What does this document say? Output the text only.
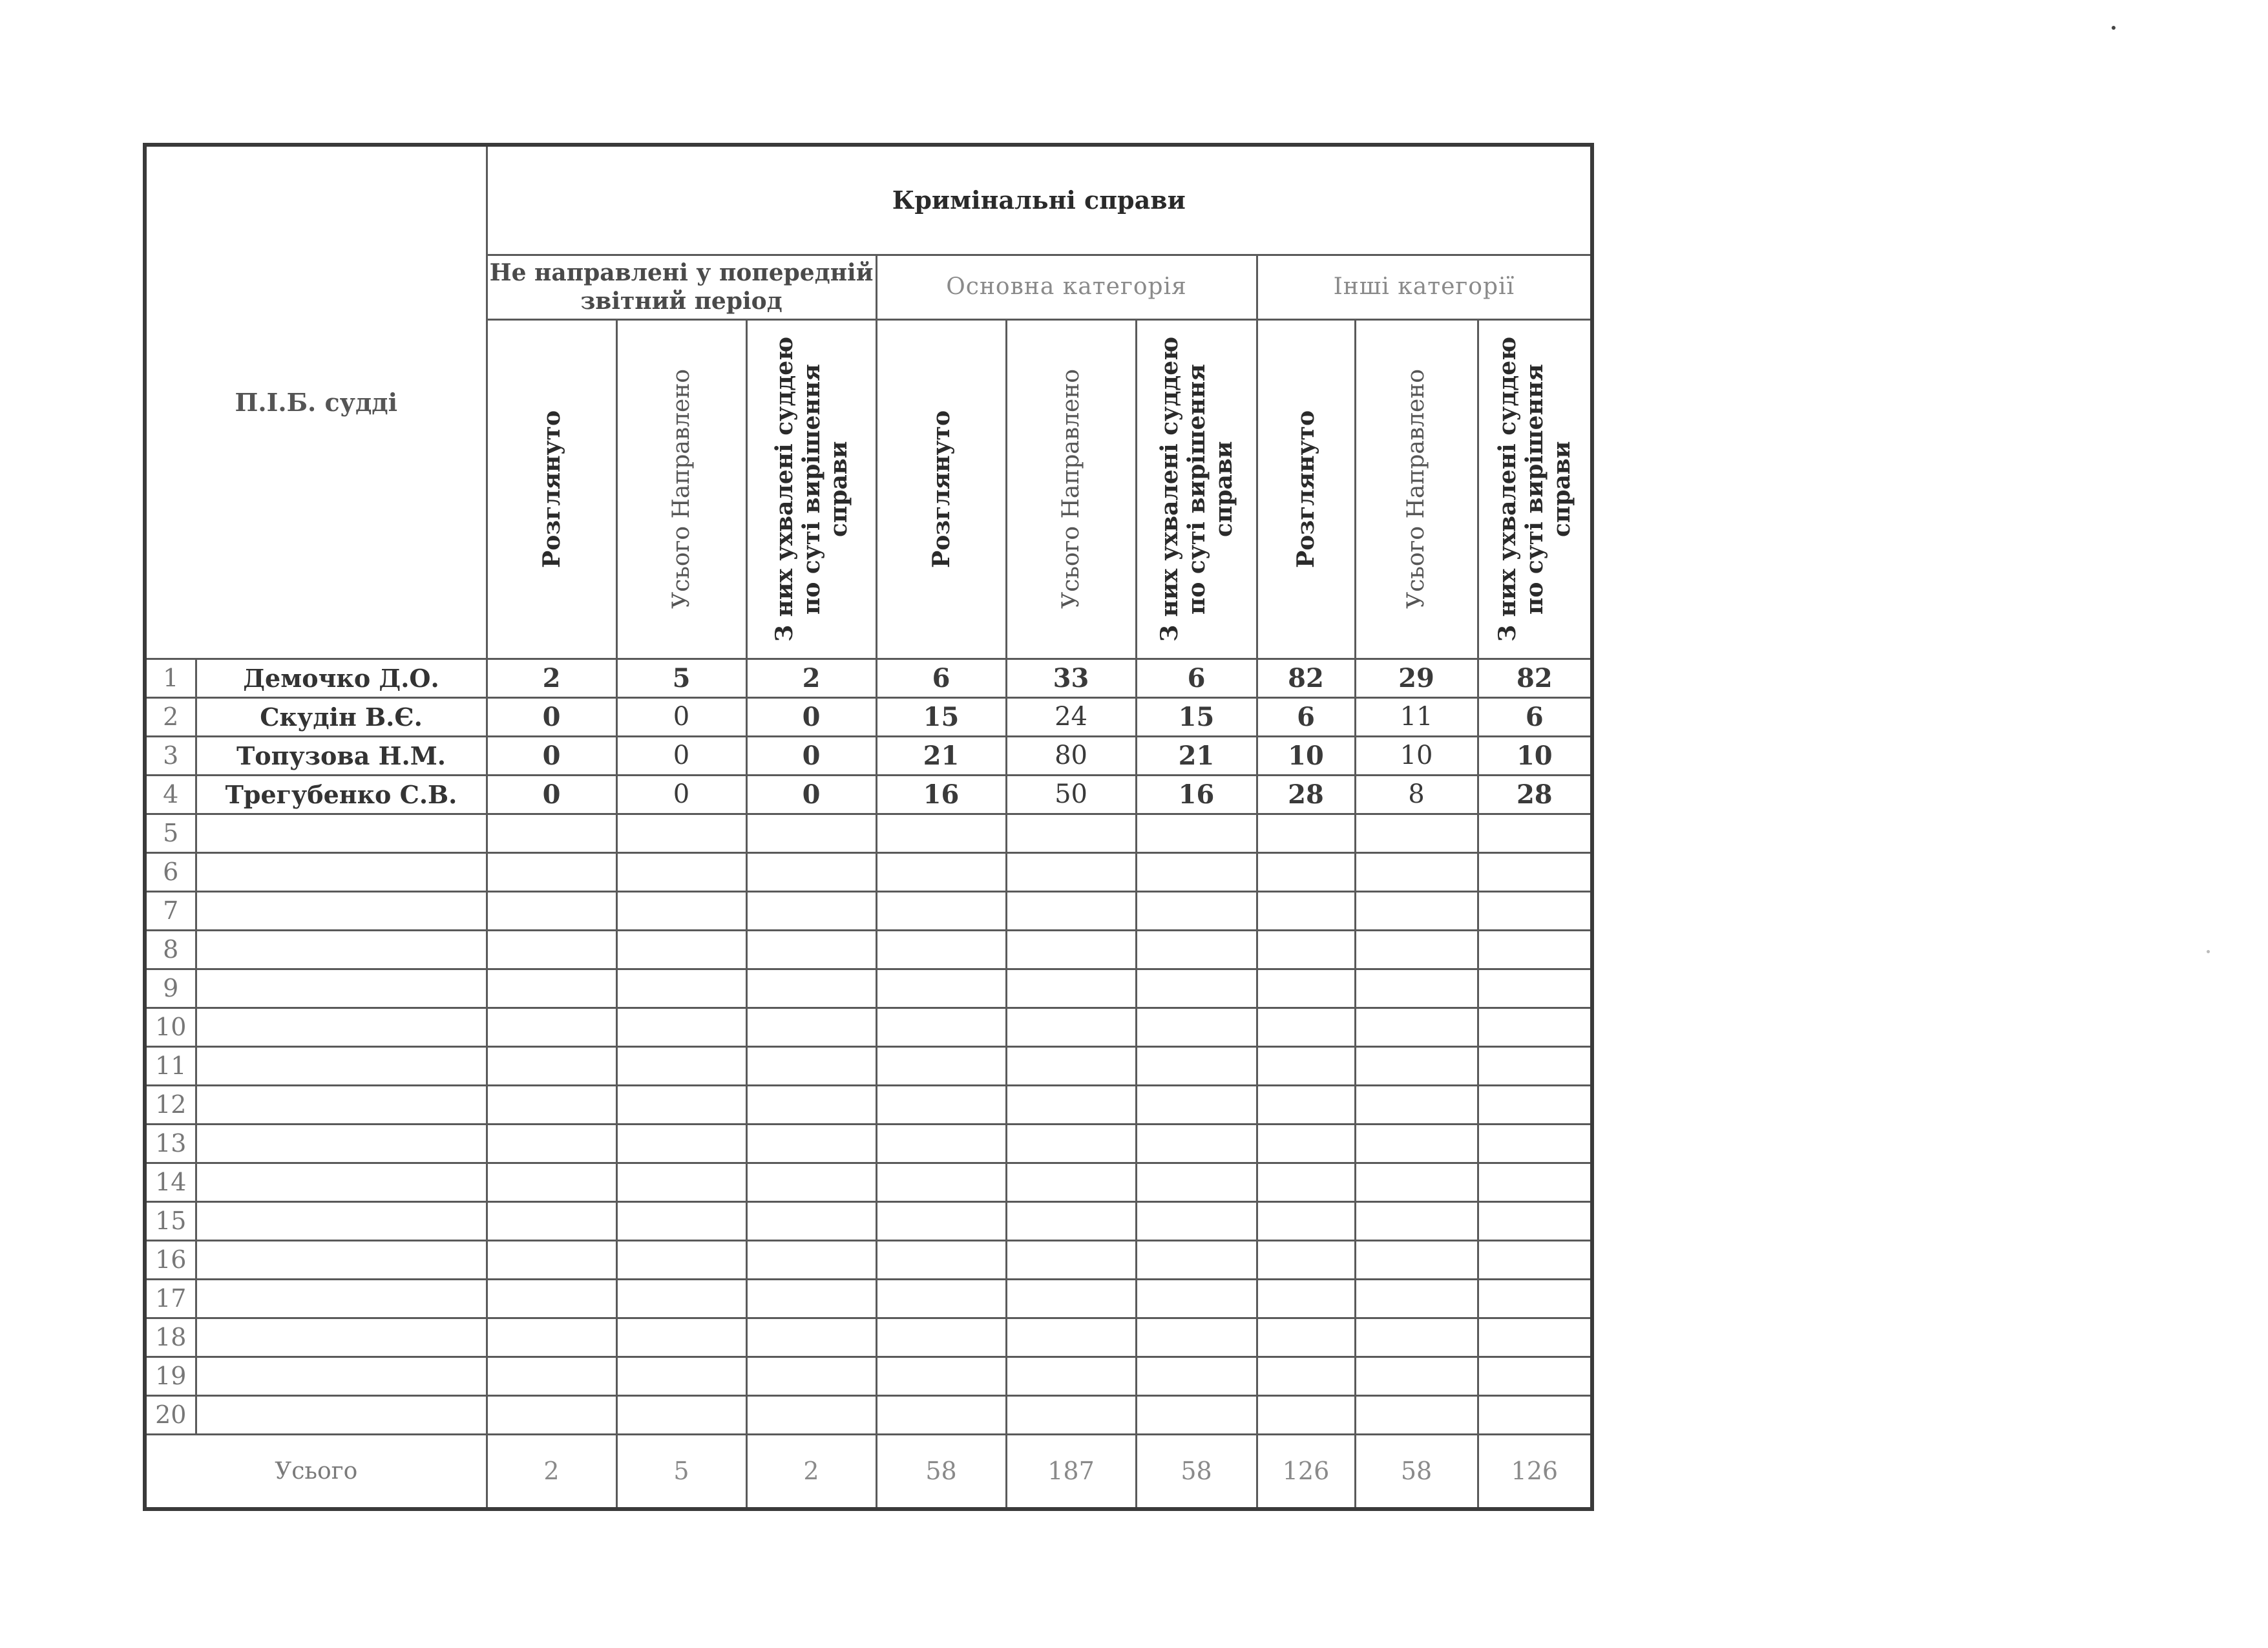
П.І.Б. судді		Кримінальні справи								
		Не направлені у попередній звітний період			Основна категорія			Інші категорії		

		Розглянуто	Усього Направлено	З них ухвалені суддею по суті вирішення справи	Розглянуто	Усього Направлено	З них ухвалені суддею по суті вирішення справи	Розглянуто	Усього Направлено	З них ухвалені суддею по суті вирішення справи

1	Демочко Д.О.	2	5	2	6	33	6	82	29	82
2	Скудін В.Є.	0	0	0	15	24	15	6	11	6
3	Топузова Н.М.	0	0	0	21	80	21	10	10	10
4	Трегубенко С.В.	0	0	0	16	50	16	28	8	28
5										
6										
7										
8										
9										
10										
11										
12										
13										
14										
15										
16										
17										
18										
19										
20										
Усього		2	5	2	58	187	58	126	58	126
